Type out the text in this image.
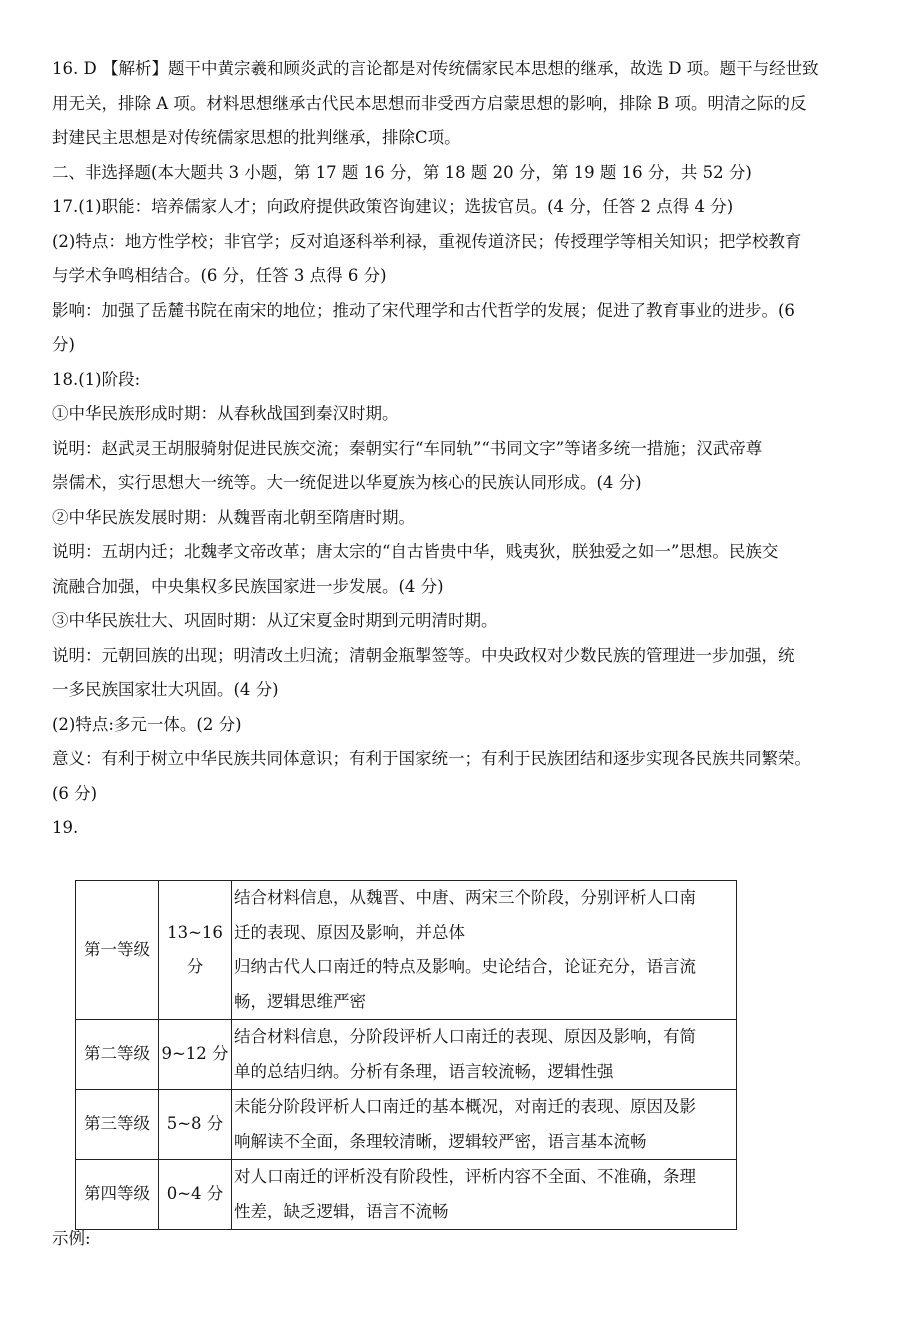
16. D 【解析】题干中黄宗羲和顾炎武的言论都是对传统儒家民本思想的继承，故选 D 项。题干与经世致

用无关，排除 A 项。材料思想继承古代民本思想而非受西方启蒙思想的影响，排除 B 项。明清之际的反

封建民主思想是对传统儒家思想的批判继承，排除C项。

二、非选择题(本大题共 3 小题，第 17 题 16 分，第 18 题 20 分，第 19 题 16 分，共 52 分)

17.(1)职能：培养儒家人才；向政府提供政策咨询建议；选拔官员。(4 分，任答 2 点得 4 分)

(2)特点：地方性学校；非官学；反对追逐科举利禄，重视传道济民；传授理学等相关知识；把学校教育

与学术争鸣相结合。(6 分，任答 3 点得 6 分)

影响：加强了岳麓书院在南宋的地位；推动了宋代理学和古代哲学的发展；促进了教育事业的进步。(6

分)

18.(1)阶段:

①中华民族形成时期：从春秋战国到秦汉时期。

说明：赵武灵王胡服骑射促进民族交流；秦朝实行“车同轨”“书同文字”等诸多统一措施；汉武帝尊

崇儒术，实行思想大一统等。大一统促进以华夏族为核心的民族认同形成。(4 分)

②中华民族发展时期：从魏晋南北朝至隋唐时期。

说明：五胡内迁；北魏孝文帝改革；唐太宗的“自古皆贵中华，贱夷狄，朕独爱之如一”思想。民族交

流融合加强，中央集权多民族国家进一步发展。(4 分)

③中华民族壮大、巩固时期：从辽宋夏金时期到元明清时期。

说明：元朝回族的出现；明清改土归流；清朝金瓶掣签等。中央政权对少数民族的管理进一步加强，统

一多民族国家壮大巩固。(4 分)

(2)特点:多元一体。(2 分)

意义：有利于树立中华民族共同体意识；有利于国家统一；有利于民族团结和逐步实现各民族共同繁荣。

(6 分)

19.

第一等级	13~16 分	结合材料信息，从魏晋、中唐、两宋三个阶段，分别评析人口南
迁的表现、原因及影响，并总体
归纳古代人口南迁的特点及影响。史论结合，论证充分，语言流
畅，逻辑思维严密

第二等级	9~12 分	结合材料信息，分阶段评析人口南迁的表现、原因及影响，有简
单的总结归纳。分析有条理，语言较流畅，逻辑性强

第三等级	5~8 分	未能分阶段评析人口南迁的基本概况，对南迁的表现、原因及影
响解读不全面，条理较清晰，逻辑较严密，语言基本流畅

第四等级	0~4 分	对人口南迁的评析没有阶段性，评析内容不全面、不准确，条理
性差，缺乏逻辑，语言不流畅
示例:
